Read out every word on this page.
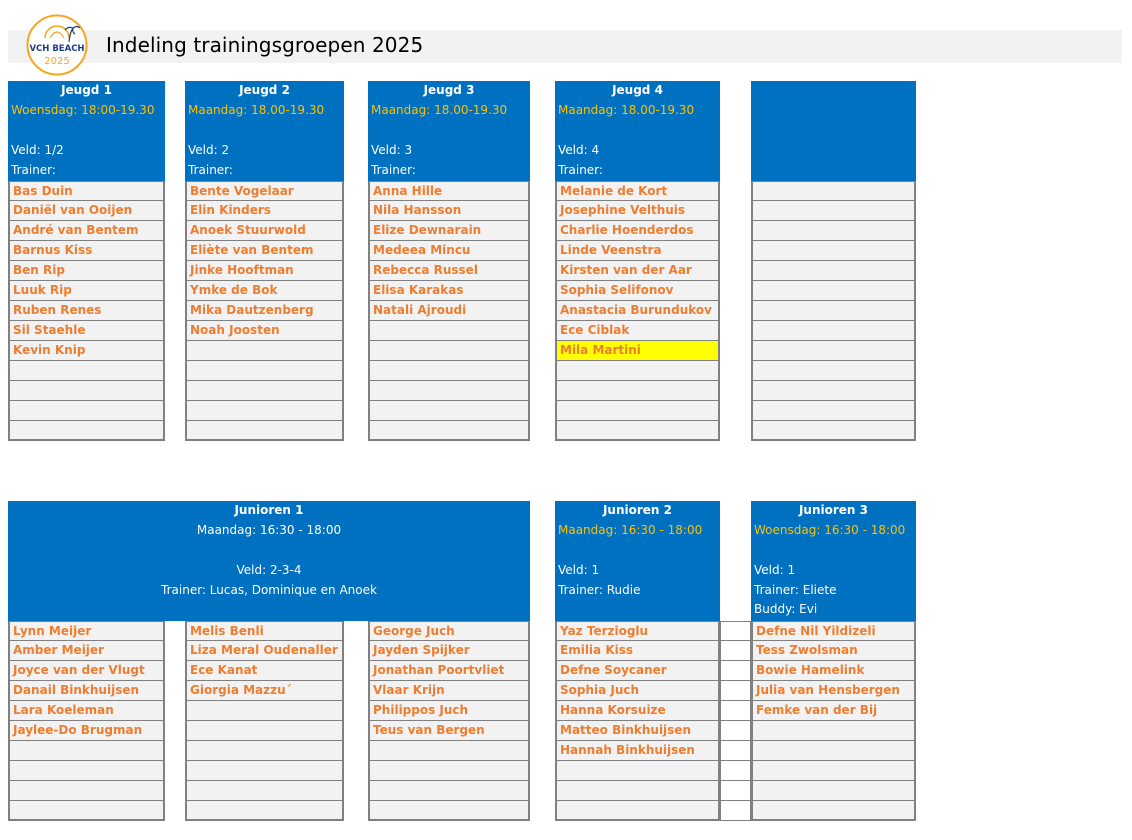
VCH BEACH
2025
Indeling trainingsgroepen 2025
Jeugd 1
Woensdag: 18:00-19.30
Veld: 1/2
Trainer:
Bas Duin
Daniël van Ooijen
André van Bentem
Barnus Kiss
Ben Rip
Luuk Rip
Ruben Renes
Sil Staehle
Kevin Knip
Jeugd 2
Maandag: 18.00-19.30
Veld: 2
Trainer:
Bente Vogelaar
Elin Kinders
Anoek Stuurwold
Eliète van Bentem
Jinke Hooftman
Ymke de Bok
Mika Dautzenberg
Noah Joosten
Jeugd 3
Maandag: 18.00-19.30
Veld: 3
Trainer:
Anna Hille
Nila Hansson
Elize Dewnarain
Medeea Mincu
Rebecca Russel
Elisa Karakas
Natali Ajroudi
Jeugd 4
Maandag: 18.00-19.30
Veld: 4
Trainer:
Melanie de Kort
Josephine Velthuis
Charlie Hoenderdos
Linde Veenstra
Kirsten van der Aar
Sophia Selifonov
Anastacia Burundukov
Ece Ciblak
Mila Martini
Junioren 1
Maandag: 16:30 - 18:00
Veld: 2-3-4
Trainer: Lucas, Dominique en Anoek
Lynn Meijer
Amber Meijer
Joyce van der Vlugt
Danail Binkhuijsen
Lara Koeleman
Jaylee-Do Brugman
Melis Benli
Liza Meral Oudenaller
Ece Kanat
Giorgia Mazzu´
George Juch
Jayden Spijker
Jonathan Poortvliet
Vlaar Krijn
Philippos Juch
Teus van Bergen
Junioren 2
Maandag: 16:30 - 18:00
Veld: 1
Trainer: Rudie
Yaz Terzioglu
Emilia Kiss
Defne Soycaner
Sophia Juch
Hanna Korsuize
Matteo Binkhuijsen
Hannah Binkhuijsen
Junioren 3
Woensdag: 16:30 - 18:00
Veld: 1
Trainer: Eliete
Buddy: Evi
Defne Nil Yildizeli
Tess Zwolsman
Bowie Hamelink
Julia van Hensbergen
Femke van der Bij
